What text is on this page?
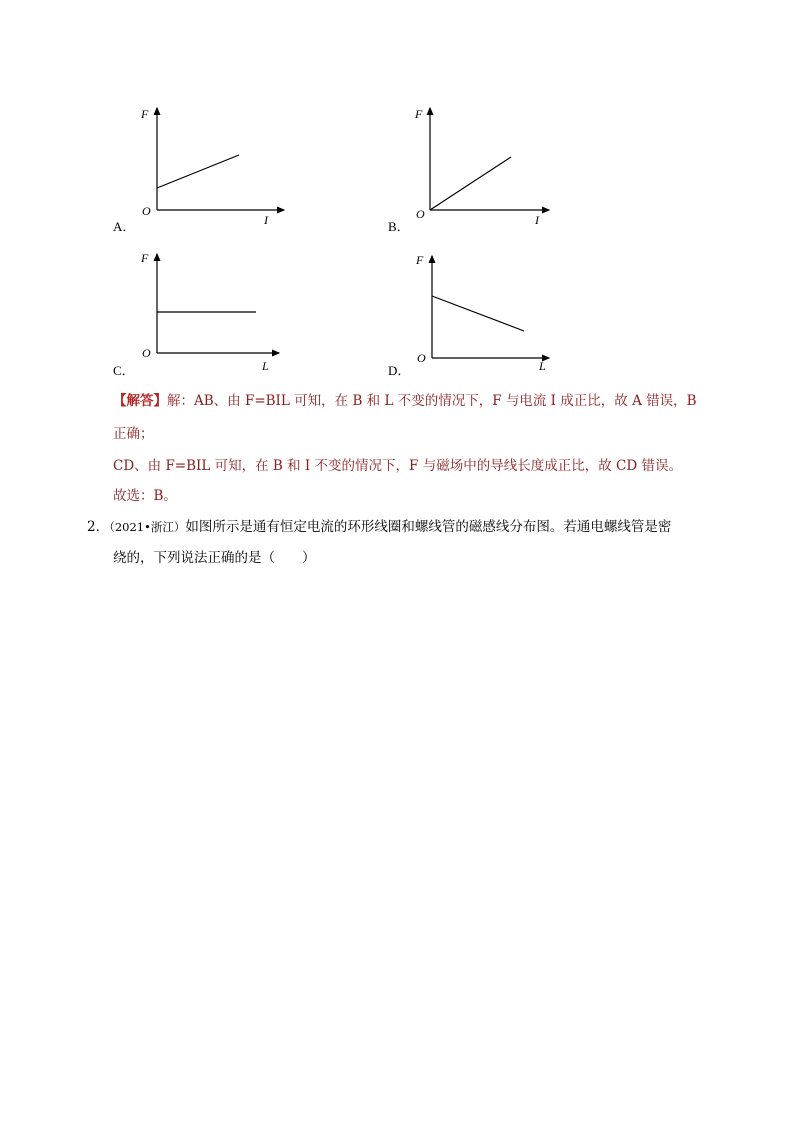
F
O
I
A．
F
O	I
B．
F
O
L
C．
F
O
L
D．
【解答】解：AB、由 F=BIL 可知，在 B 和 L 不变的情况下，F 与电流 I 成正比，故 A 错误，B
正确；
CD、由 F=BIL 可知，在 B 和 I 不变的情况下，F 与磁场中的导线长度成正比，故 CD 错误。
故选：B。
2．（2021•浙江）如图所示是通有恒定电流的环形线圈和螺线管的磁感线分布图。若通电螺线管是密
绕的，下列说法正确的是（　　）
